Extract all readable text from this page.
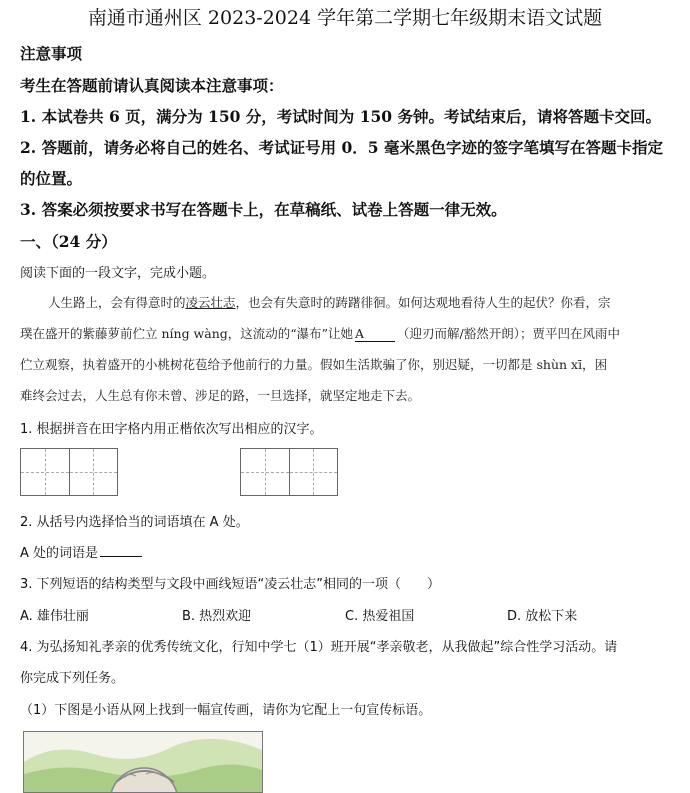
南通市通州区 2023-2024 学年第二学期七年级期末语文试题
注意事项
考生在答题前请认真阅读本注意事项：
1. 本试卷共 6 页，满分为 150 分，考试时间为 150 务钟。考试结束后，请将答题卡交回。
2. 答题前，请务必将自己的姓名、考试证号用 0．5 毫米黑色字迹的签字笔填写在答题卡指定
的位置。
3. 答案必须按要求书写在答题卡上，在草稿纸、试卷上答题一律无效。
一、（24 分）
阅读下面的一段文字，完成小题。
人生路上，会有得意时的凌云壮志，也会有失意时的踌躇徘徊。如何达观地看待人生的起伏？你看，宗
璞在盛开的紫藤萝前伫立 níng wàng，这流动的“瀑布”让她 A	（迎刃而解/豁然开朗）；贾平凹在风雨中
伫立观察，执着盛开的小桃树花苞给予他前行的力量。假如生活欺骗了你，别迟疑，一切都是 shùn xī，困
难终会过去，人生总有你未曾、涉足的路，一旦选择，就坚定地走下去。
1. 根据拼音在田字格内用正楷依次写出相应的汉字。
2. 从括号内选择恰当的词语填在 A 处。
A 处的词语是
3. 下列短语的结构类型与文段中画线短语“凌云壮志”相同的一项（　　）
A. 雄伟壮丽	B. 热烈欢迎	C. 热爱祖国	D. 放松下来
4. 为弘扬知礼孝亲的优秀传统文化，行知中学七（1）班开展“孝亲敬老，从我做起”综合性学习活动。请
你完成下列任务。
（1）下图是小语从网上找到一幅宣传画，请你为它配上一句宣传标语。
